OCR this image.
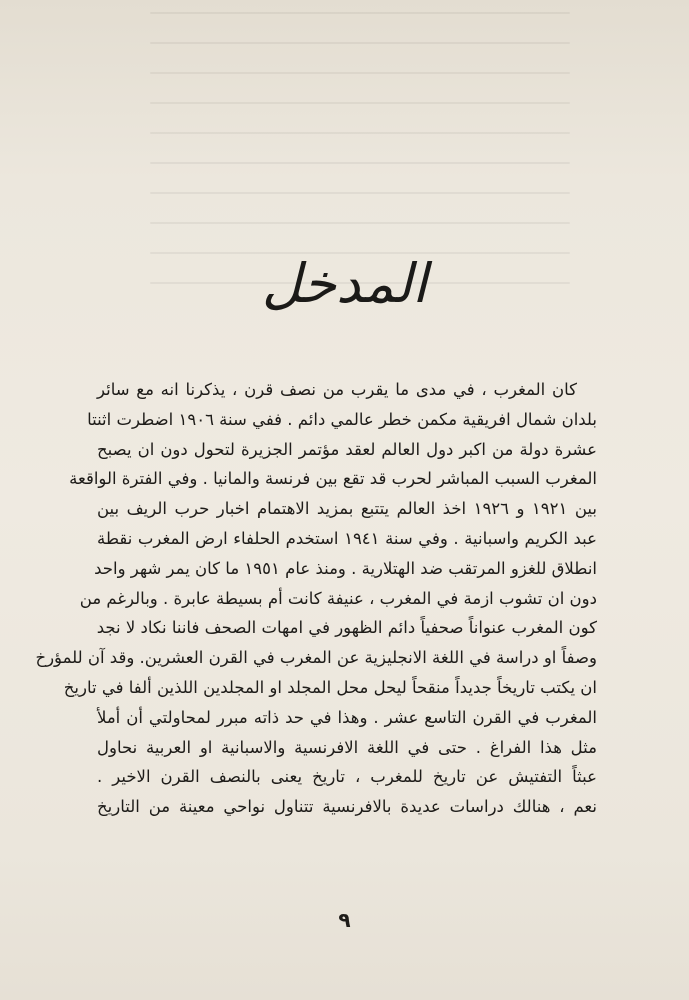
المدخل
كان المغرب ، في مدى ما يقرب من نصف قرن ، يذكرنا انه مع سائر
بلدان شمال افريقية مكمن خطر عالمي دائم . ففي سنة ١٩٠٦ اضطرت اثنتا
عشرة دولة من اكبر دول العالم لعقد مؤتمر الجزيرة لتحول دون ان يصبح
المغرب السبب المباشر لحرب قد تقع بين فرنسة والمانيا . وفي الفترة الواقعة
بين ١٩٢١ و ١٩٢٦ اخذ العالم يتتبع بمزيد الاهتمام اخبار حرب الريف بين
عبد الكريم واسبانية . وفي سنة ١٩٤١ استخدم الحلفاء ارض المغرب نقطة
انطلاق للغزو المرتقب ضد الهتلارية . ومنذ عام ١٩٥١ ما كان يمر شهر واحد
دون ان تشوب ازمة في المغرب ، عنيفة كانت أم بسيطة عابرة . وبالرغم من
كون المغرب عنواناً صحفياً دائم الظهور في امهات الصحف فاننا نكاد لا نجد
وصفاً او دراسة في اللغة الانجليزية عن المغرب في القرن العشرين. وقد آن للمؤرخ
ان يكتب تاريخاً جديداً منقحاً ليحل محل المجلد او المجلدين اللذين ألفا في تاريخ
المغرب في القرن التاسع عشر . وهذا في حد ذاته مبرر لمحاولتي أن أملأ
مثل هذا الفراغ . حتى في اللغة الافرنسية والاسبانية او العربية نحاول
عبثاً التفتيش عن تاريخ للمغرب ، تاريخ يعنى بالنصف القرن الاخير .
نعم ، هنالك دراسات عديدة بالافرنسية تتناول نواحي معينة من التاريخ
٩
